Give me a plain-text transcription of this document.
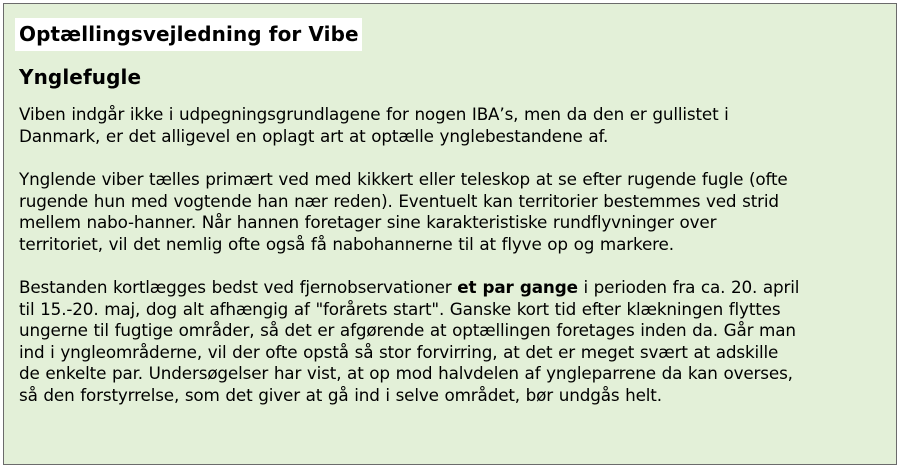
Optællingsvejledning for Vibe
Ynglefugle

Viben indgår ikke i udpegningsgrundlagene for nogen IBA’s, men da den er gullistet i
Danmark, er det alligevel en oplagt art at optælle ynglebestandene af.

Ynglende viber tælles primært ved med kikkert eller teleskop at se efter rugende fugle (ofte
rugende hun med vogtende han nær reden). Eventuelt kan territorier bestemmes ved strid
mellem nabo-hanner. Når hannen foretager sine karakteristiske rundflyvninger over
territoriet, vil det nemlig ofte også få nabohannerne til at flyve op og markere.

Bestanden kortlægges bedst ved fjernobservationer et par gange i perioden fra ca. 20. april
til 15.-20. maj, dog alt afhængig af "forårets start". Ganske kort tid efter klækningen flyttes
ungerne til fugtige områder, så det er afgørende at optællingen foretages inden da. Går man
ind i yngleområderne, vil der ofte opstå så stor forvirring, at det er meget svært at adskille
de enkelte par. Undersøgelser har vist, at op mod halvdelen af yngleparrene da kan overses,
så den forstyrrelse, som det giver at gå ind i selve området, bør undgås helt.
